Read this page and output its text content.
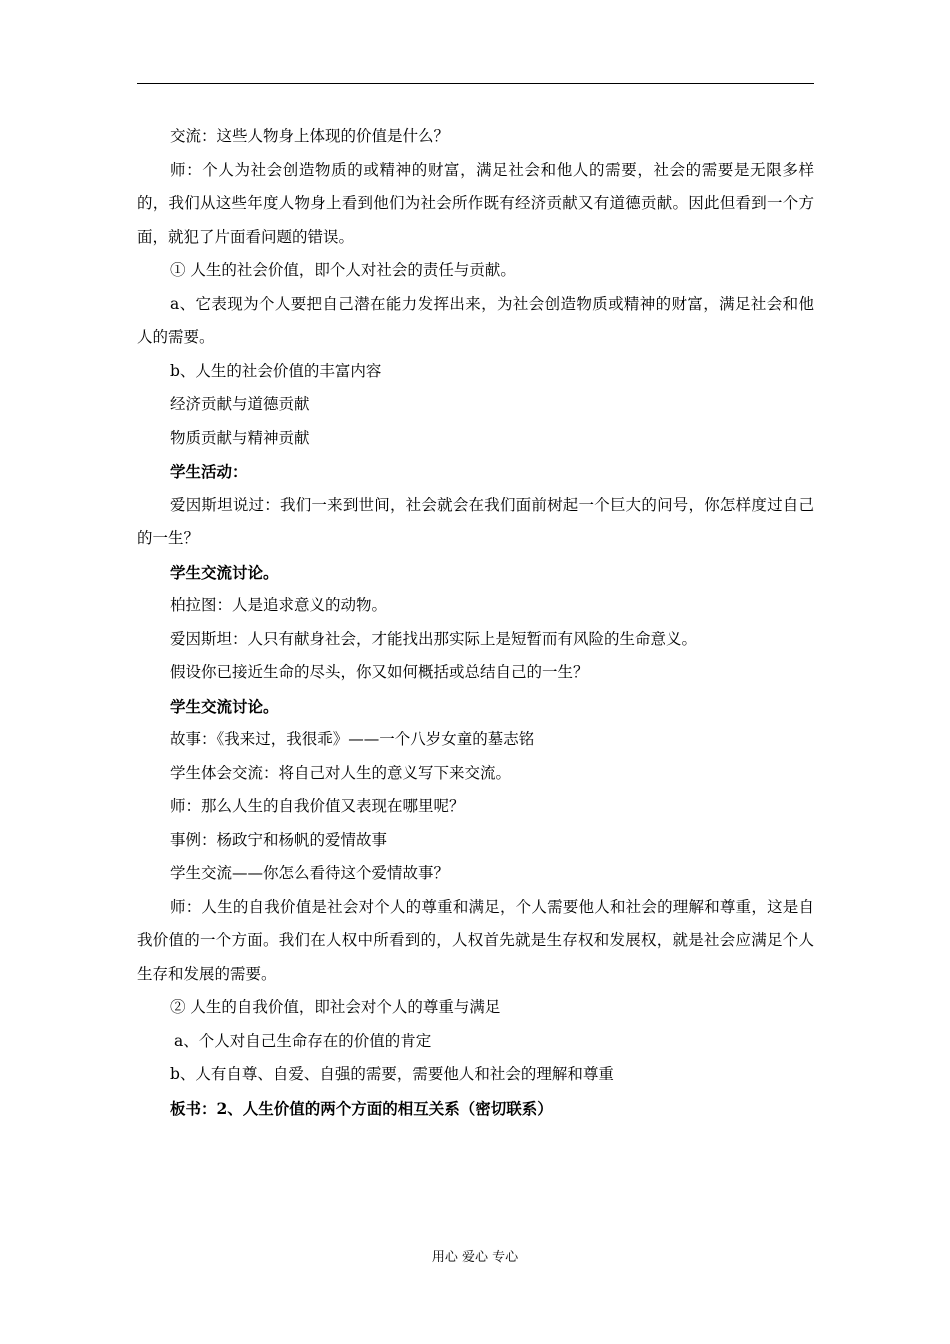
交流：这些人物身上体现的价值是什么？

师：个人为社会创造物质的或精神的财富，满足社会和他人的需要，社会的需要是无限多样的，我们从这些年度人物身上看到他们为社会所作既有经济贡献又有道德贡献。因此但看到一个方面，就犯了片面看问题的错误。

① 人生的社会价值，即个人对社会的责任与贡献。

a、它表现为个人要把自己潜在能力发挥出来，为社会创造物质或精神的财富，满足社会和他人的需要。

b、人生的社会价值的丰富内容

经济贡献与道德贡献

物质贡献与精神贡献

学生活动：

爱因斯坦说过：我们一来到世间，社会就会在我们面前树起一个巨大的问号，你怎样度过自己的一生？

学生交流讨论。

柏拉图：人是追求意义的动物。

爱因斯坦：人只有献身社会，才能找出那实际上是短暂而有风险的生命意义。

假设你已接近生命的尽头，你又如何概括或总结自己的一生？

学生交流讨论。

故事：《我来过，我很乖》——一个八岁女童的墓志铭

学生体会交流：将自己对人生的意义写下来交流。

师：那么人生的自我价值又表现在哪里呢？

事例：杨政宁和杨帆的爱情故事

学生交流——你怎么看待这个爱情故事？

师：人生的自我价值是社会对个人的尊重和满足，个人需要他人和社会的理解和尊重，这是自我价值的一个方面。我们在人权中所看到的，人权首先就是生存权和发展权，就是社会应满足个人生存和发展的需要。

② 人生的自我价值，即社会对个人的尊重与满足

a、个人对自己生命存在的价值的肯定

b、人有自尊、自爱、自强的需要，需要他人和社会的理解和尊重

板书：2、人生价值的两个方面的相互关系（密切联系）

用心 爱心 专心
